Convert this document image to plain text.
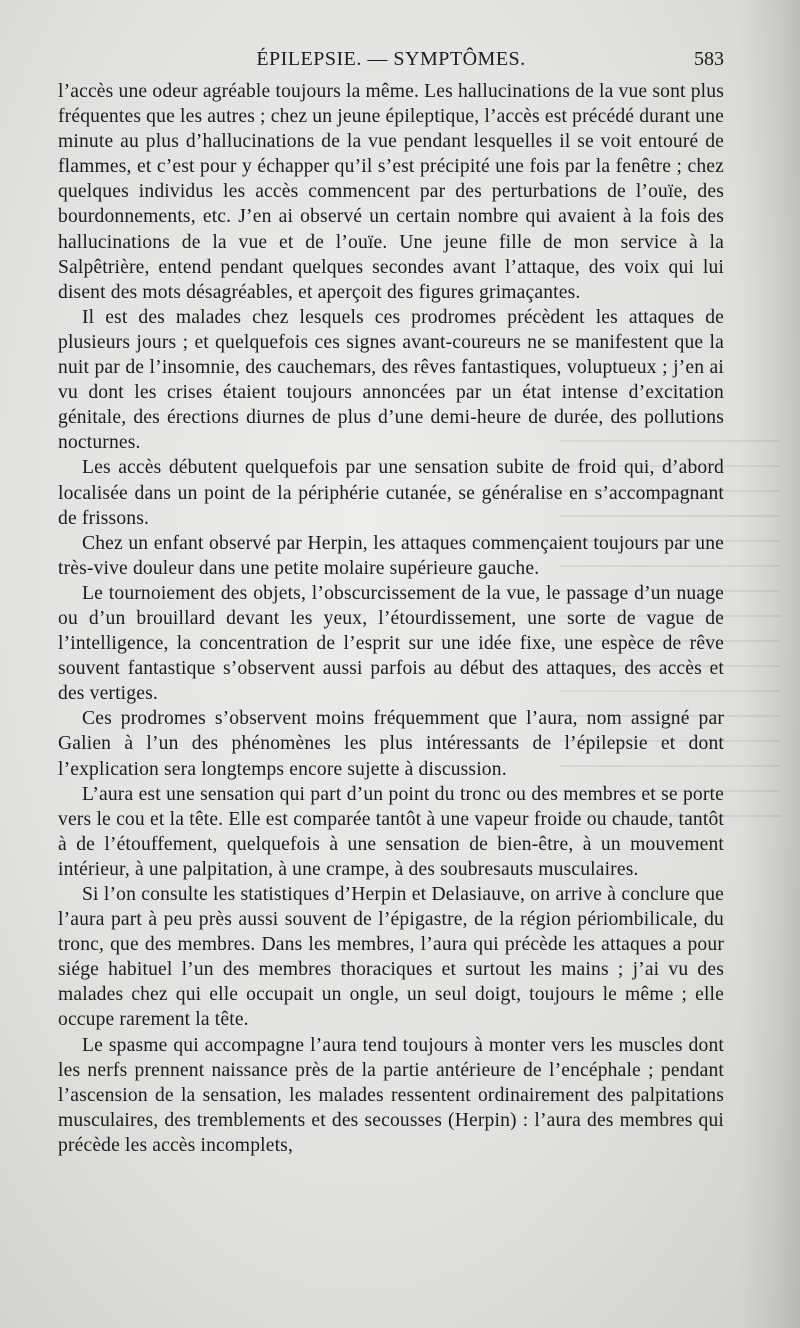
ÉPILEPSIE. — SYMPTÔMES.	583

l’accès une odeur agréable toujours la même. Les hallucinations de la vue sont plus fréquentes que les autres ; chez un jeune épileptique, l’accès est précédé durant une minute au plus d’hallucinations de la vue pendant lesquelles il se voit entouré de flammes, et c’est pour y échapper qu’il s’est précipité une fois par la fenêtre ; chez quelques individus les accès commencent par des perturbations de l’ouïe, des bourdonnements, etc. J’en ai observé un certain nombre qui avaient à la fois des hallucinations de la vue et de l’ouïe. Une jeune fille de mon service à la Salpêtrière, entend pendant quelques secondes avant l’attaque, des voix qui lui disent des mots désagréables, et aperçoit des figures grimaçantes.

Il est des malades chez lesquels ces prodromes précèdent les attaques de plusieurs jours ; et quelquefois ces signes avant-coureurs ne se manifestent que la nuit par de l’insomnie, des cauchemars, des rêves fantastiques, voluptueux ; j’en ai vu dont les crises étaient toujours annoncées par un état intense d’excitation génitale, des érections diurnes de plus d’une demi-heure de durée, des pollutions nocturnes.

Les accès débutent quelquefois par une sensation subite de froid qui, d’abord localisée dans un point de la périphérie cutanée, se généralise en s’accompagnant de frissons.

Chez un enfant observé par Herpin, les attaques commençaient toujours par une très-vive douleur dans une petite molaire supérieure gauche.

Le tournoiement des objets, l’obscurcissement de la vue, le passage d’un nuage ou d’un brouillard devant les yeux, l’étourdissement, une sorte de vague de l’intelligence, la concentration de l’esprit sur une idée fixe, une espèce de rêve souvent fantastique s’observent aussi parfois au début des attaques, des accès et des vertiges.

Ces prodromes s’observent moins fréquemment que l’aura, nom assigné par Galien à l’un des phénomènes les plus intéressants de l’épilepsie et dont l’explication sera longtemps encore sujette à discussion.

L’aura est une sensation qui part d’un point du tronc ou des membres et se porte vers le cou et la tête. Elle est comparée tantôt à une vapeur froide ou chaude, tantôt à de l’étouffement, quelquefois à une sensation de bien-être, à un mouvement intérieur, à une palpitation, à une crampe, à des soubresauts musculaires.

Si l’on consulte les statistiques d’Herpin et Delasiauve, on arrive à conclure que l’aura part à peu près aussi souvent de l’épigastre, de la région périombilicale, du tronc, que des membres. Dans les membres, l’aura qui précède les attaques a pour siége habituel l’un des membres thoraciques et surtout les mains ; j’ai vu des malades chez qui elle occupait un ongle, un seul doigt, toujours le même ; elle occupe rarement la tête.

Le spasme qui accompagne l’aura tend toujours à monter vers les muscles dont les nerfs prennent naissance près de la partie antérieure de l’encéphale ; pendant l’ascension de la sensation, les malades ressentent ordinairement des palpitations musculaires, des tremblements et des secousses (Herpin) : l’aura des membres qui précède les accès incomplets,
